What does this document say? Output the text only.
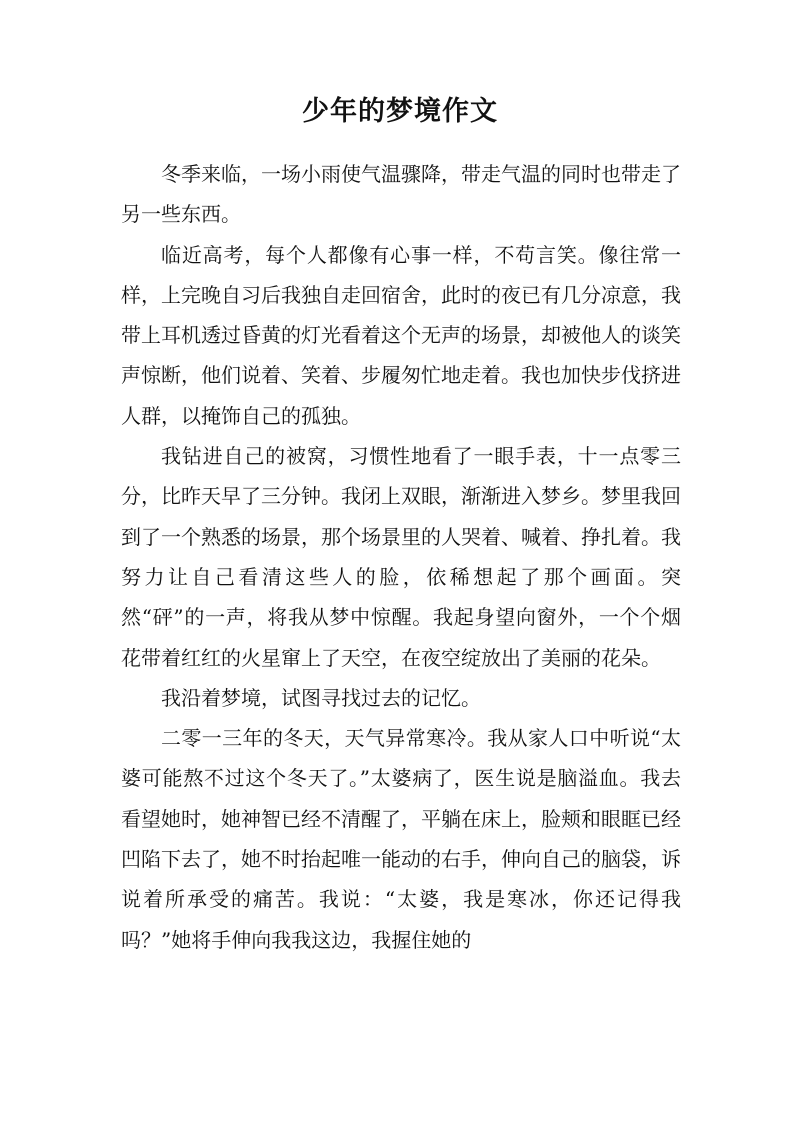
少年的梦境作文

冬季来临，一场小雨使气温骤降，带走气温的同时也带走了另一些东西。

临近高考，每个人都像有心事一样，不苟言笑。像往常一样，上完晚自习后我独自走回宿舍，此时的夜已有几分凉意，我带上耳机透过昏黄的灯光看着这个无声的场景，却被他人的谈笑声惊断，他们说着、笑着、步履匆忙地走着。我也加快步伐挤进人群，以掩饰自己的孤独。

我钻进自己的被窝，习惯性地看了一眼手表，十一点零三分，比昨天早了三分钟。我闭上双眼，渐渐进入梦乡。梦里我回到了一个熟悉的场景，那个场景里的人哭着、喊着、挣扎着。我努力让自己看清这些人的脸，依稀想起了那个画面。突然“砰”的一声，将我从梦中惊醒。我起身望向窗外，一个个烟花带着红红的火星窜上了天空，在夜空绽放出了美丽的花朵。

我沿着梦境，试图寻找过去的记忆。

二零一三年的冬天，天气异常寒冷。我从家人口中听说“太婆可能熬不过这个冬天了。”太婆病了，医生说是脑溢血。我去看望她时，她神智已经不清醒了，平躺在床上，脸颊和眼眶已经凹陷下去了，她不时抬起唯一能动的右手，伸向自己的脑袋，诉说着所承受的痛苦。我说：“太婆，我是寒冰，你还记得我吗？”她将手伸向我我这边，我握住她的
